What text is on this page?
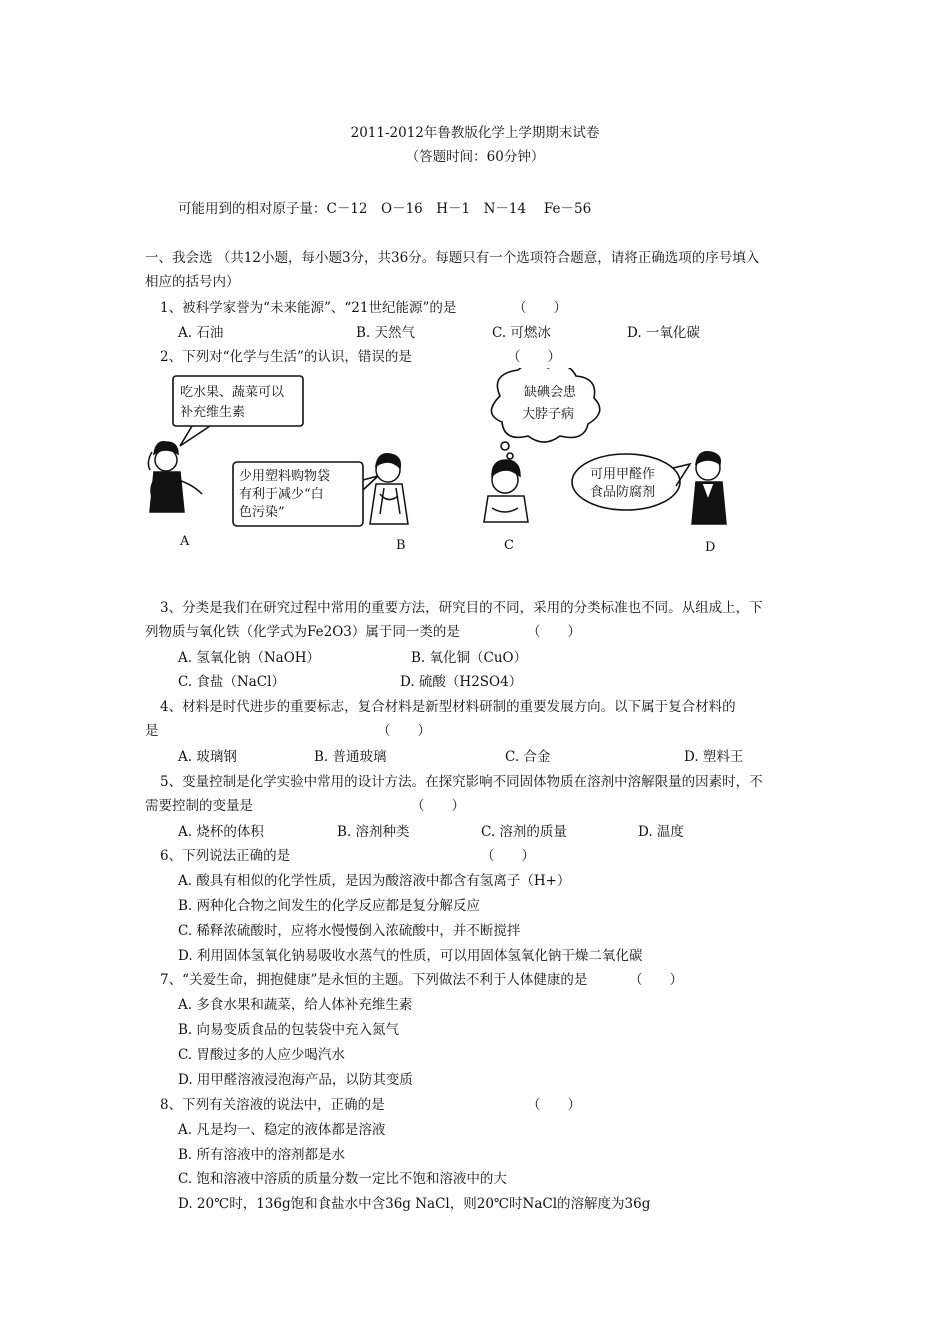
2011-2012年鲁教版化学上学期期末试卷
（答题时间：60分钟）
可能用到的相对原子量：C－12　O－16　H－1　N－14　 Fe－56
一、我会选 （共12小题，每小题3分，共36分。每题只有一个选项符合题意，请将正确选项的序号填入
相应的括号内）
1、被科学家誉为“未来能源”、“21世纪能源”的是	（　　）
A. 石油	B. 天然气	C. 可燃冰	D. 一氧化碳
2、下列对“化学与生活”的认识，错误的是	（　　）
吃水果、蔬菜可以
补充维生素
少用塑料购物袋
有利于减少“白
色污染”
缺碘会患
大脖子病
可用甲醛作
食品防腐剂
A	B	C	D
3、分类是我们在研究过程中常用的重要方法，研究目的不同，采用的分类标准也不同。从组成上，下
列物质与氧化铁（化学式为Fe2O3）属于同一类的是	（　　）
A. 氢氧化钠（NaOH）	B. 氧化铜（CuO）
C. 食盐（NaCl）	D. 硫酸（H2SO4）
4、材料是时代进步的重要标志，复合材料是新型材料研制的重要发展方向。以下属于复合材料的
是	（　　）
A. 玻璃钢	B. 普通玻璃	C. 合金	D. 塑料王
5、变量控制是化学实验中常用的设计方法。在探究影响不同固体物质在溶剂中溶解限量的因素时，不
需要控制的变量是	（　　）
A. 烧杯的体积	B. 溶剂种类	C. 溶剂的质量	D. 温度
6、下列说法正确的是	（　　）
A. 酸具有相似的化学性质，是因为酸溶液中都含有氢离子（H+）
B. 两种化合物之间发生的化学反应都是复分解反应
C. 稀释浓硫酸时，应将水慢慢倒入浓硫酸中，并不断搅拌
D. 利用固体氢氧化钠易吸收水蒸气的性质，可以用固体氢氧化钠干燥二氧化碳
7、“关爱生命，拥抱健康”是永恒的主题。下列做法不利于人体健康的是	（　　）
A. 多食水果和蔬菜，给人体补充维生素
B. 向易变质食品的包装袋中充入氮气
C. 胃酸过多的人应少喝汽水
D. 用甲醛溶液浸泡海产品，以防其变质
8、下列有关溶液的说法中，正确的是	（　　）
A. 凡是均一、稳定的液体都是溶液
B. 所有溶液中的溶剂都是水
C. 饱和溶液中溶质的质量分数一定比不饱和溶液中的大
D. 20℃时，136g饱和食盐水中含36g NaCl，则20℃时NaCl的溶解度为36g
